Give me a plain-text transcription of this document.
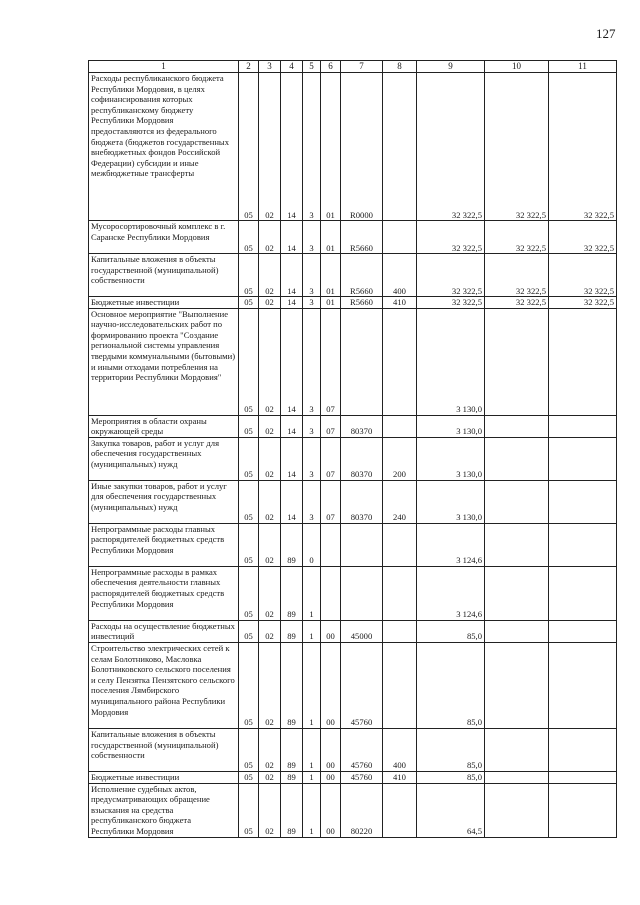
127
1	2	3	4	5	6	7	8	9	10	11
Расходы республиканского бюджета Республики Мордовия, в целях софинансирования которых республиканскому бюджету Республики Мордовия предоставляются из федерального бюджета (бюджетов государственных внебюджетных фондов Российской Федерации) субсидии и иные межбюджетные трансферты	05	02	14	3	01	R0000		32 322,5	32 322,5	32 322,5
Мусоросортировочный комплекс в г. Саранске Республики Мордовия	05	02	14	3	01	R5660		32 322,5	32 322,5	32 322,5
Капитальные вложения в объекты государственной (муниципальной) собственности	05	02	14	3	01	R5660	400	32 322,5	32 322,5	32 322,5
Бюджетные инвестиции	05	02	14	3	01	R5660	410	32 322,5	32 322,5	32 322,5
Основное мероприятие "Выполнение научно-исследовательских работ по формированию проекта "Создание региональной системы управления твердыми коммунальными (бытовыми) и иными отходами потребления на территории Республики Мордовия"	05	02	14	3	07			3 130,0		
Мероприятия в области охраны окружающей среды	05	02	14	3	07	80370		3 130,0		
Закупка товаров, работ и услуг для обеспечения государственных (муниципальных) нужд	05	02	14	3	07	80370	200	3 130,0		
Иные закупки товаров, работ и услуг для обеспечения государственных (муниципальных) нужд	05	02	14	3	07	80370	240	3 130,0		
Непрограммные расходы главных распорядителей бюджетных средств Республики Мордовия	05	02	89	0				3 124,6		
Непрограммные расходы в рамках обеспечения деятельности главных распорядителей бюджетных средств Республики Мордовия	05	02	89	1				3 124,6		
Расходы на осуществление бюджетных инвестиций	05	02	89	1	00	45000		85,0		
Строительство электрических сетей к селам Болотниково, Масловка Болотниковского сельского поселения и селу Пензятка Пензятского сельского поселения Лямбирского муниципального района Республики Мордовия	05	02	89	1	00	45760		85,0		
Капитальные вложения в объекты государственной (муниципальной) собственности	05	02	89	1	00	45760	400	85,0		
Бюджетные инвестиции	05	02	89	1	00	45760	410	85,0		
Исполнение судебных актов, предусматривающих обращение взыскания на средства республиканского бюджета Республики Мордовия	05	02	89	1	00	80220		64,5		
